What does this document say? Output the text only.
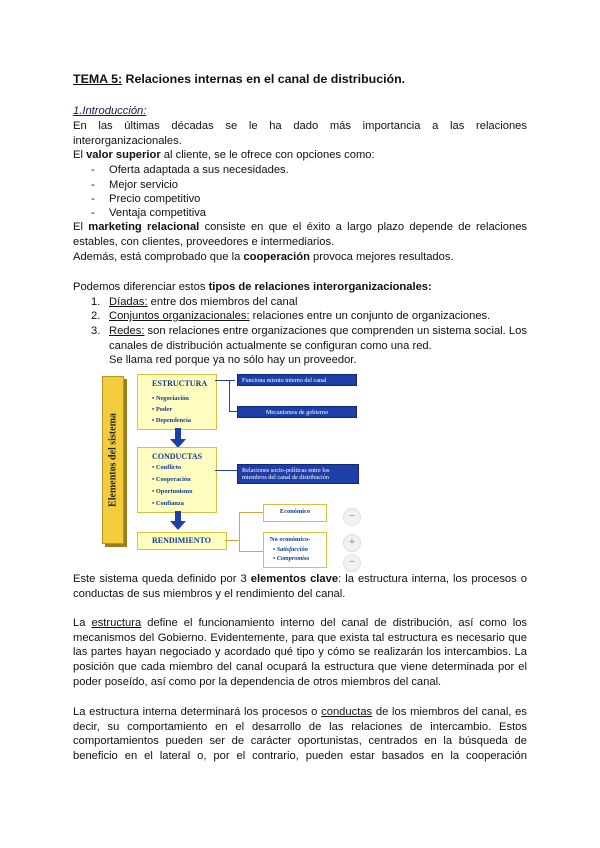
TEMA 5: Relaciones internas en el canal de distribución.
1.Introducción:
En las últimas décadas se le ha dado más importancia a las relaciones interorganizacionales.
El valor superior al cliente, se le ofrece con opciones como:
- Oferta adaptada a sus necesidades.
- Mejor servicio
- Precio competitivo
- Ventaja competitiva
El marketing relacional consiste en que el éxito a largo plazo depende de relaciones estables, con clientes, proveedores e intermediarios.
Además, está comprobado que la cooperación provoca mejores resultados.
Podemos diferenciar estos tipos de relaciones interorganizacionales:
1. Díadas: entre dos miembros del canal
2. Conjuntos organizacionales: relaciones entre un conjunto de organizaciones.
3. Redes: son relaciones entre organizaciones que comprenden un sistema social. Los canales de distribución actualmente se configuran como una red.
Se llama red porque ya no sólo hay un proveedor.
Elementos del sistema
ESTRUCTURA
• Negociación
• Poder
• Dependencia
CONDUCTAS
• Conflicto
• Cooperación
• Oportunismo
• Confianza
RENDIMIENTO
Funciona miento interno del canal
Mecanismos de gobierno
Relaciones socio-políticas entre los miembros del canal de distribución
Económico
No económico-
• Satisfacción
• Compromiso
−
+
−
Este sistema queda definido por 3 elementos clave: la estructura interna, los procesos o conductas de sus miembros y el rendimiento del canal.
La estructura define el funcionamiento interno del canal de distribución, así como los mecanismos del Gobierno. Evidentemente, para que exista tal estructura es necesario que las partes hayan negociado y acordado qué tipo y cómo se realizarán los intercambios. La posición que cada miembro del canal ocupará la estructura que viene determinada por el poder poseído, así como por la dependencia de otros miembros del canal.
La estructura interna determinará los procesos o conductas de los miembros del canal, es decir, su comportamiento en el desarrollo de las relaciones de intercambio. Estos comportamientos pueden ser de carácter oportunistas, centrados en la búsqueda de beneficio en el lateral o, por el contrario, pueden estar basados en la cooperación
